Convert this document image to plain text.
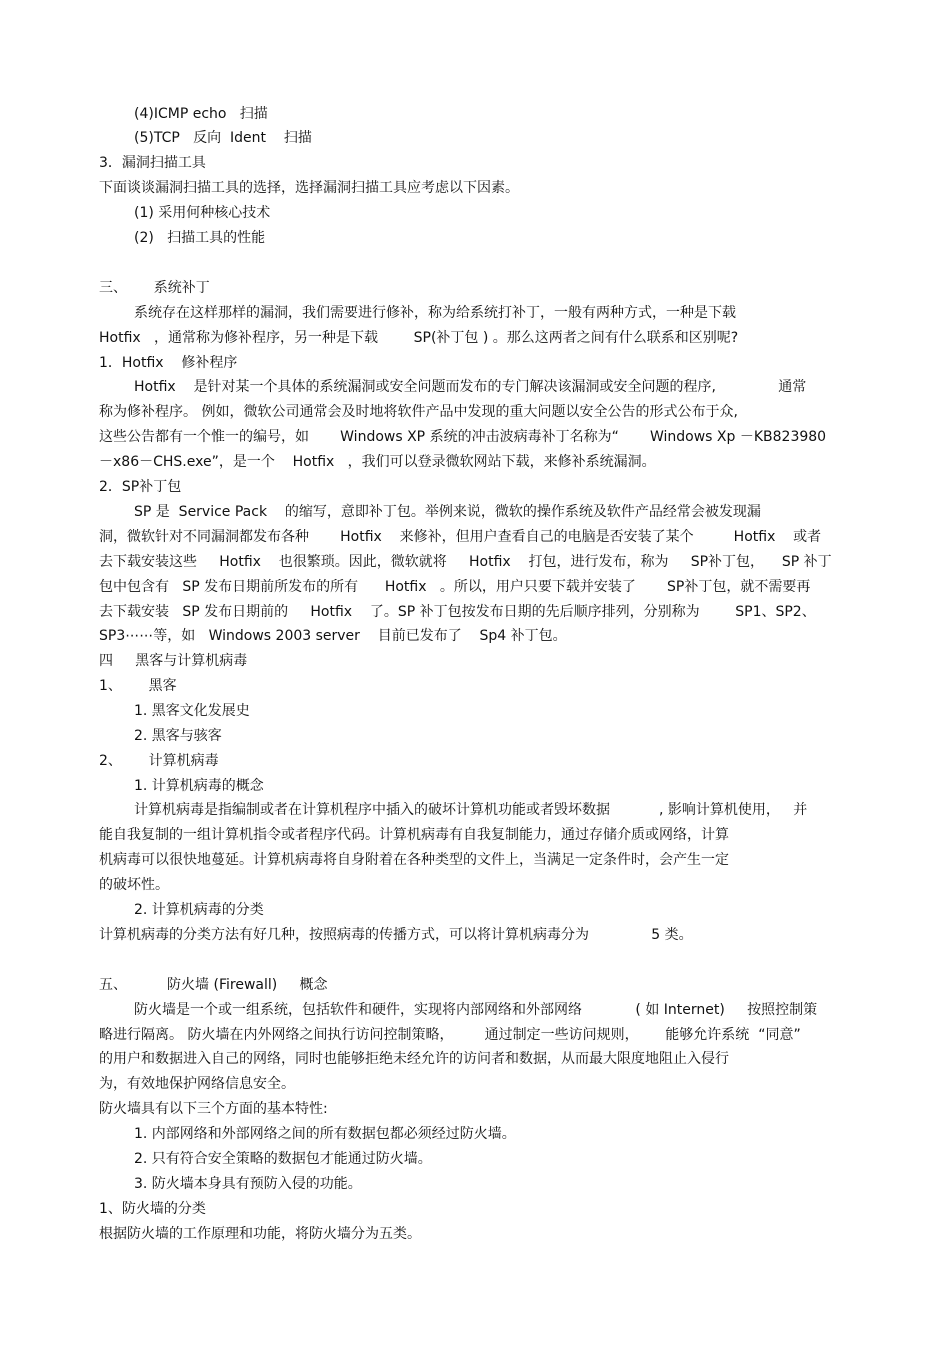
(4)ICMP echo   扫描
(5)TCP   反向  Ident    扫描
3．漏洞扫描工具
下面谈谈漏洞扫描工具的选择，选择漏洞扫描工具应考虑以下因素。
(1) 采用何种核心技术
(2)   扫描工具的性能
三、      系统补丁
系统存在这样那样的漏洞，我们需要进行修补，称为给系统打补丁，一般有两种方式，一种是下载
Hotfix   ，通常称为修补程序，另一种是下载        SP(补丁包 ) 。那么这两者之间有什么联系和区别呢?
1．Hotfix    修补程序
Hotfix    是针对某一个具体的系统漏洞或安全问题而发布的专门解决该漏洞或安全问题的程序,              通常
称为修补程序。 例如，微软公司通常会及时地将软件产品中发现的重大问题以安全公告的形式公布于众,
这些公告都有一个惟一的编号，如       Windows XP 系统的冲击波病毒补丁名称为“       Windows Xp －KB823980
－x86－CHS.exe”，是一个    Hotfix   ，我们可以登录微软网站下载，来修补系统漏洞。
2．SP补丁包
SP 是  Service Pack    的缩写，意即补丁包。举例来说，微软的操作系统及软件产品经常会被发现漏
洞，微软针对不同漏洞都发布各种       Hotfix    来修补，但用户查看自己的电脑是否安装了某个         Hotfix    或者
去下载安装这些     Hotfix    也很繁琐。因此，微软就将     Hotfix    打包，进行发布，称为     SP补丁包，    SP 补丁
包中包含有   SP 发布日期前所发布的所有      Hotfix   。所以，用户只要下载并安装了       SP补丁包，就不需要再
去下载安装   SP 发布日期前的     Hotfix    了。SP 补丁包按发布日期的先后顺序排列，分别称为        SP1、SP2、
SP3⋯⋯等，如   Windows 2003 server    目前已发布了    Sp4 补丁包。
四     黑客与计算机病毒
1、      黑客
1. 黑客文化发展史
2. 黑客与骇客
2、      计算机病毒
1. 计算机病毒的概念
计算机病毒是指编制或者在计算机程序中插入的破坏计算机功能或者毁坏数据           , 影响计算机使用，   并
能自我复制的一组计算机指令或者程序代码。计算机病毒有自我复制能力，通过存储介质或网络，计算
机病毒可以很快地蔓延。计算机病毒将自身附着在各种类型的文件上，当满足一定条件时，会产生一定
的破坏性。
2. 计算机病毒的分类
计算机病毒的分类方法有好几种，按照病毒的传播方式，可以将计算机病毒分为              5 类。
五、         防火墙 (Firewall)     概念
防火墙是一个或一组系统，包括软件和硬件，实现将内部网络和外部网络            ( 如 Internet)     按照控制策
略进行隔离。 防火墙在内外网络之间执行访问控制策略，       通过制定一些访问规则，      能够允许系统  “同意”
的用户和数据进入自己的网络，同时也能够拒绝未经允许的访问者和数据，从而最大限度地阻止入侵行
为，有效地保护网络信息安全。
防火墙具有以下三个方面的基本特性:
1. 内部网络和外部网络之间的所有数据包都必须经过防火墙。
2. 只有符合安全策略的数据包才能通过防火墙。
3. 防火墙本身具有预防入侵的功能。
1、防火墙的分类
根据防火墙的工作原理和功能，将防火墙分为五类。
